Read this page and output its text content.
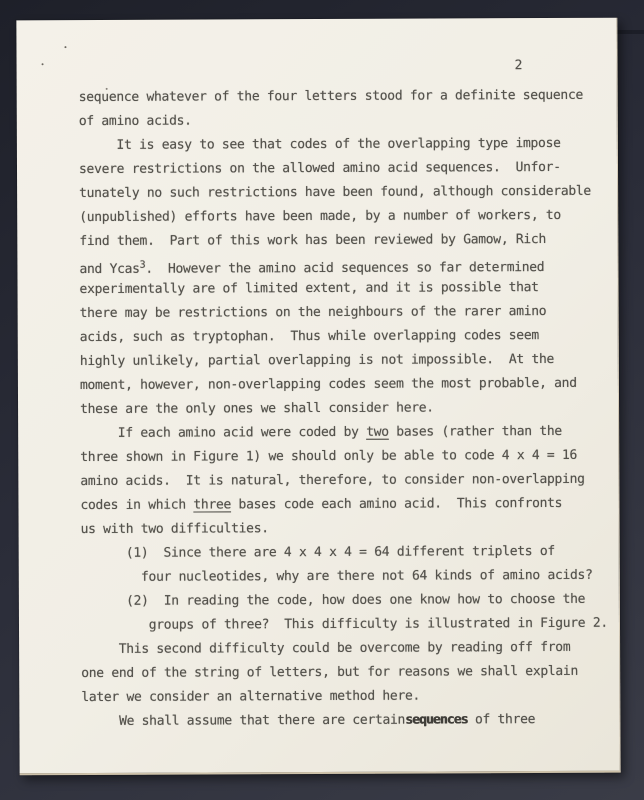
2
sequence whatever of the four letters stood for a definite sequence
of amino acids.
It is easy to see that codes of the overlapping type impose
severe restrictions on the allowed amino acid sequences.  Unfor-
tunately no such restrictions have been found, although considerable
(unpublished) efforts have been made, by a number of workers, to
find them.  Part of this work has been reviewed by Gamow, Rich
and Ycas$^3$.  However the amino acid sequences so far determined
experimentally are of limited extent, and it is possible that
there may be restrictions on the neighbours of the rarer amino
acids, such as tryptophan.  Thus while overlapping codes seem
highly unlikely, partial overlapping is not impossible.  At the
moment, however, non-overlapping codes seem the most probable, and
these are the only ones we shall consider here.
If each amino acid were coded by two bases (rather than the
three shown in Figure 1) we should only be able to code 4 x 4 = 16
amino acids.  It is natural, therefore, to consider non-overlapping
codes in which three bases code each amino acid.  This confronts
us with two difficulties.
(1)  Since there are 4 x 4 x 4 = 64 different triplets of
four nucleotides, why are there not 64 kinds of amino acids?
(2)  In reading the code, how does one know how to choose the
groups of three?  This difficulty is illustrated in Figure 2.
This second difficulty could be overcome by reading off from
one end of the string of letters, but for reasons we shall explain
later we consider an alternative method here.
We shall assume that there are certainsequences of three
